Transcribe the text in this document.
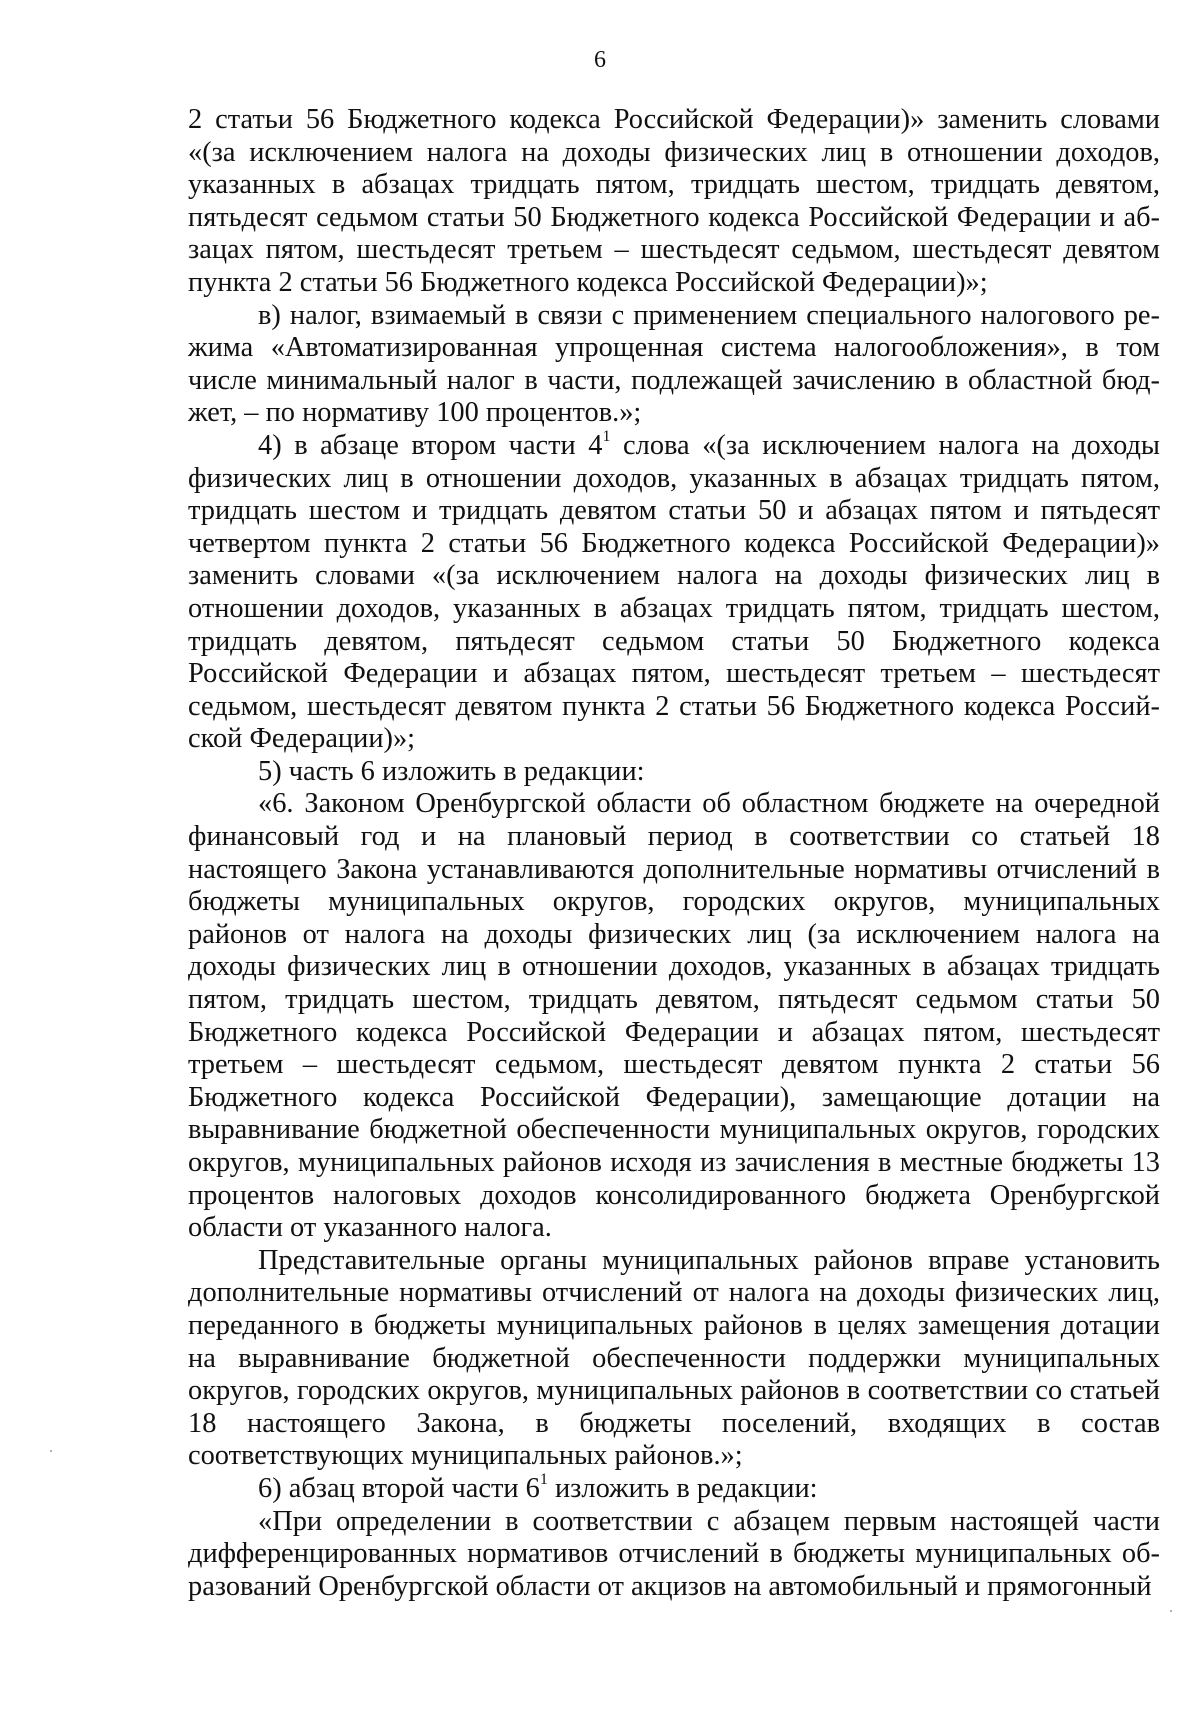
6

2 статьи 56 Бюджетного кодекса Российской Федерации)» заменить словами «(за исключением налога на доходы физических лиц в отношении доходов, указанных в абзацах тридцать пятом, тридцать шестом, тридцать девятом, пятьдесят седьмом статьи 50 Бюджетного кодекса Российской Федерации и абзацах пятом, шестьдесят третьем – шестьдесят седьмом, шестьдесят девятом пункта 2 статьи 56 Бюджетного кодекса Российской Федерации)»;

в) налог, взимаемый в связи с применением специального налогового режима «Автоматизированная упрощенная система налогообложения», в том числе минимальный налог в части, подлежащей зачислению в областной бюджет, – по нормативу 100 процентов.»;

4) в абзаце втором части $4^1$ слова «(за исключением налога на доходы физических лиц в отношении доходов, указанных в абзацах тридцать пятом, тридцать шестом и тридцать девятом статьи 50 и абзацах пятом и пятьдесят четвертом пункта 2 статьи 56 Бюджетного кодекса Российской Федерации)» заменить словами «(за исключением налога на доходы физических лиц в отношении доходов, указанных в абзацах тридцать пятом, тридцать шестом, тридцать девятом, пятьдесят седьмом статьи 50 Бюджетного кодекса Российской Федерации и абзацах пятом, шестьдесят третьем – шестьдесят седьмом, шестьдесят девятом пункта 2 статьи 56 Бюджетного кодекса Российской Федерации)»;

5) часть 6 изложить в редакции:

«6. Законом Оренбургской области об областном бюджете на очередной финансовый год и на плановый период в соответствии со статьей 18 настоящего Закона устанавливаются дополнительные нормативы отчислений в бюджеты муниципальных округов, городских округов, муниципальных районов от налога на доходы физических лиц (за исключением налога на доходы физических лиц в отношении доходов, указанных в абзацах тридцать пятом, тридцать шестом, тридцать девятом, пятьдесят седьмом статьи 50 Бюджетного кодекса Российской Федерации и абзацах пятом, шестьдесят третьем – шестьдесят седьмом, шестьдесят девятом пункта 2 статьи 56 Бюджетного кодекса Российской Федерации), замещающие дотации на выравнивание бюджетной обеспеченности муниципальных округов, городских округов, муниципальных районов исходя из зачисления в местные бюджеты 13 процентов налоговых доходов консолидированного бюджета Оренбургской области от указанного налога.

Представительные органы муниципальных районов вправе установить дополнительные нормативы отчислений от налога на доходы физических лиц, переданного в бюджеты муниципальных районов в целях замещения дотации на выравнивание бюджетной обеспеченности поддержки муниципальных округов, городских округов, муниципальных районов в соответствии со статьей 18 настоящего Закона, в бюджеты поселений, входящих в состав соответствующих муниципальных районов.»;

6) абзац второй части $6^1$ изложить в редакции:

«При определении в соответствии с абзацем первым настоящей части дифференцированных нормативов отчислений в бюджеты муниципальных образований Оренбургской области от акцизов на автомобильный и прямогонный
